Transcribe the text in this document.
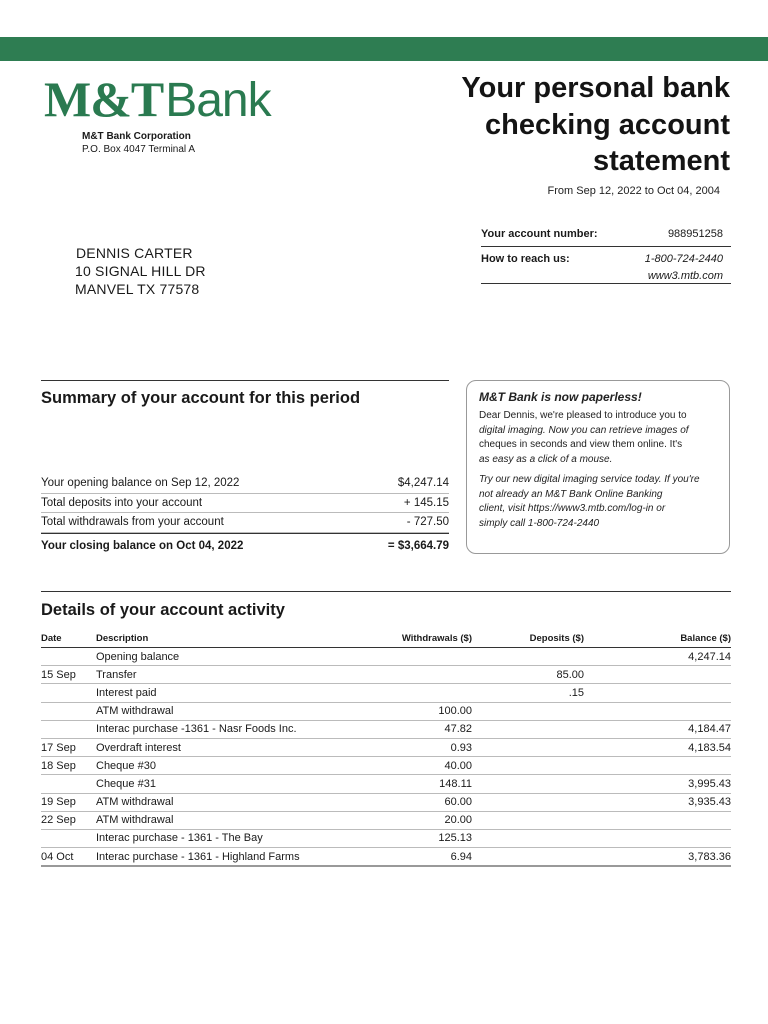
M&TBank
M&T Bank Corporation
P.O. Box 4047 Terminal A
Your personal bank
checking account
statement
From Sep 12, 2022 to Oct 04, 2004
Your account number:	988951258
How to reach us:	1-800-724-2440
www3.mtb.com
DENNIS CARTER
10 SIGNAL HILL DR
MANVEL TX 77578
Summary of your account for this period
Your opening balance on Sep 12, 2022	$4,247.14
Total deposits into your account	+ 145.15
Total withdrawals from your account	- 727.50
Your closing balance on Oct 04, 2022	= $3,664.79
M&T Bank is now paperless!

Dear Dennis, we're pleased to introduce you to
digital imaging. Now you can retrieve images of
cheques in seconds and view them online. It's
as easy as a click of a mouse.

Try our new digital imaging service today. If you're
not already an M&T Bank Online Banking
client, visit https://www3.mtb.com/log-in or
simply call 1-800-724-2440

Details of your account activity
Date	Description	Withdrawals ($)	Deposits ($)	Balance ($)
	Opening balance			4,247.14
15 Sep	Transfer		85.00	
	Interest paid		.15	
	ATM withdrawal	100.00		
	Interac purchase -1361 - Nasr Foods Inc.	47.82		4,184.47
17 Sep	Overdraft interest	0.93		4,183.54
18 Sep	Cheque #30	40.00		
	Cheque #31	148.11		3,995.43
19 Sep	ATM withdrawal	60.00		3,935.43
22 Sep	ATM withdrawal	20.00		
	Interac purchase - 1361 - The Bay	125.13		
04 Oct	Interac purchase - 1361 - Highland Farms	6.94		3,783.36
